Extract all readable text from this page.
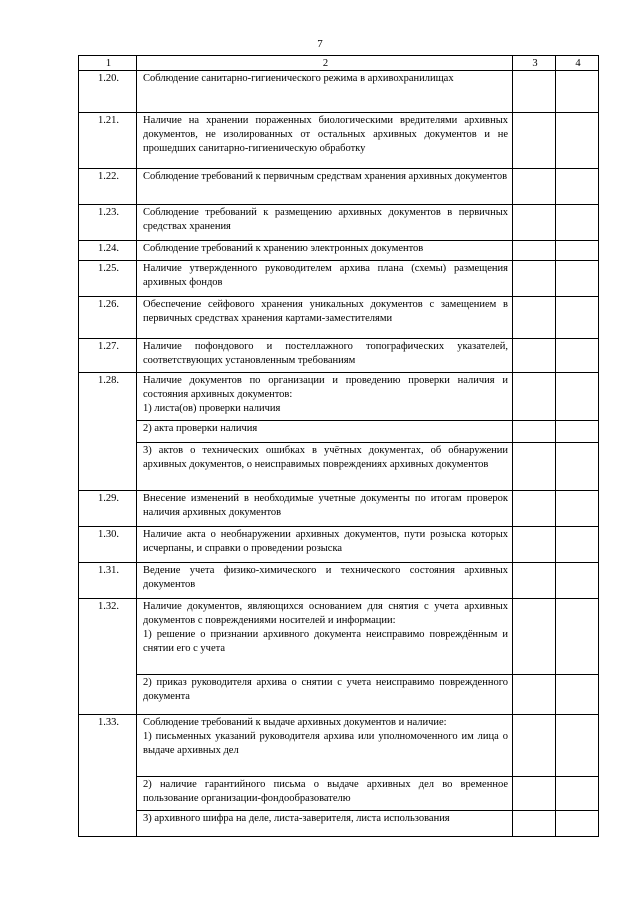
7
1	2	3	4
1.20.	Соблюдение санитарно-гигиенического режима в архивохранилищах		
1.21.	Наличие на хранении пораженных биологическими вредителями архивных документов, не изолированных от остальных архивных документов и не прошедших санитарно-гигиеническую обработку		
1.22.	Соблюдение требований к первичным средствам хранения архивных документов		
1.23.	Соблюдение требований к размещению архивных документов в первичных средствах хранения		
1.24.	Соблюдение требований к хранению электронных документов		
1.25.	Наличие утвержденного руководителем архива плана (схемы) размещения архивных фондов		
1.26.	Обеспечение сейфового хранения уникальных документов с замещением в первичных средствах хранения картами-заместителями		
1.27.	Наличие пофондового и постеллажного топографических указателей, соответствующих установленным требованиям		
1.28.	Наличие документов по организации и проведению проверки наличия и состояния архивных документов:
1) листа(ов) проверки наличия		
	2) акта проверки наличия		
	3) актов о технических ошибках в учётных документах, об обнаружении архивных документов, о неисправимых повреждениях архивных документов		
1.29.	Внесение изменений в необходимые учетные документы по итогам проверок наличия архивных документов		
1.30.	Наличие акта о необнаружении архивных документов, пути розыска которых исчерпаны, и справки о проведении розыска		
1.31.	Ведение учета физико-химического и технического состояния архивных документов		
1.32.	Наличие документов, являющихся основанием для снятия с учета архивных документов с повреждениями носителей и информации:
1) решение о признании архивного документа неисправимо повреждённым и снятии его с учета		
	2) приказ руководителя архива о снятии с учета неисправимо поврежденного документа		
1.33.	Соблюдение требований к выдаче архивных документов и наличие:
1) письменных указаний руководителя архива или уполномоченного им лица о выдаче архивных дел		
	2) наличие гарантийного письма о выдаче архивных дел во временное пользование организации-фондообразователю		
	3) архивного шифра на деле, листа-заверителя, листа использования		
